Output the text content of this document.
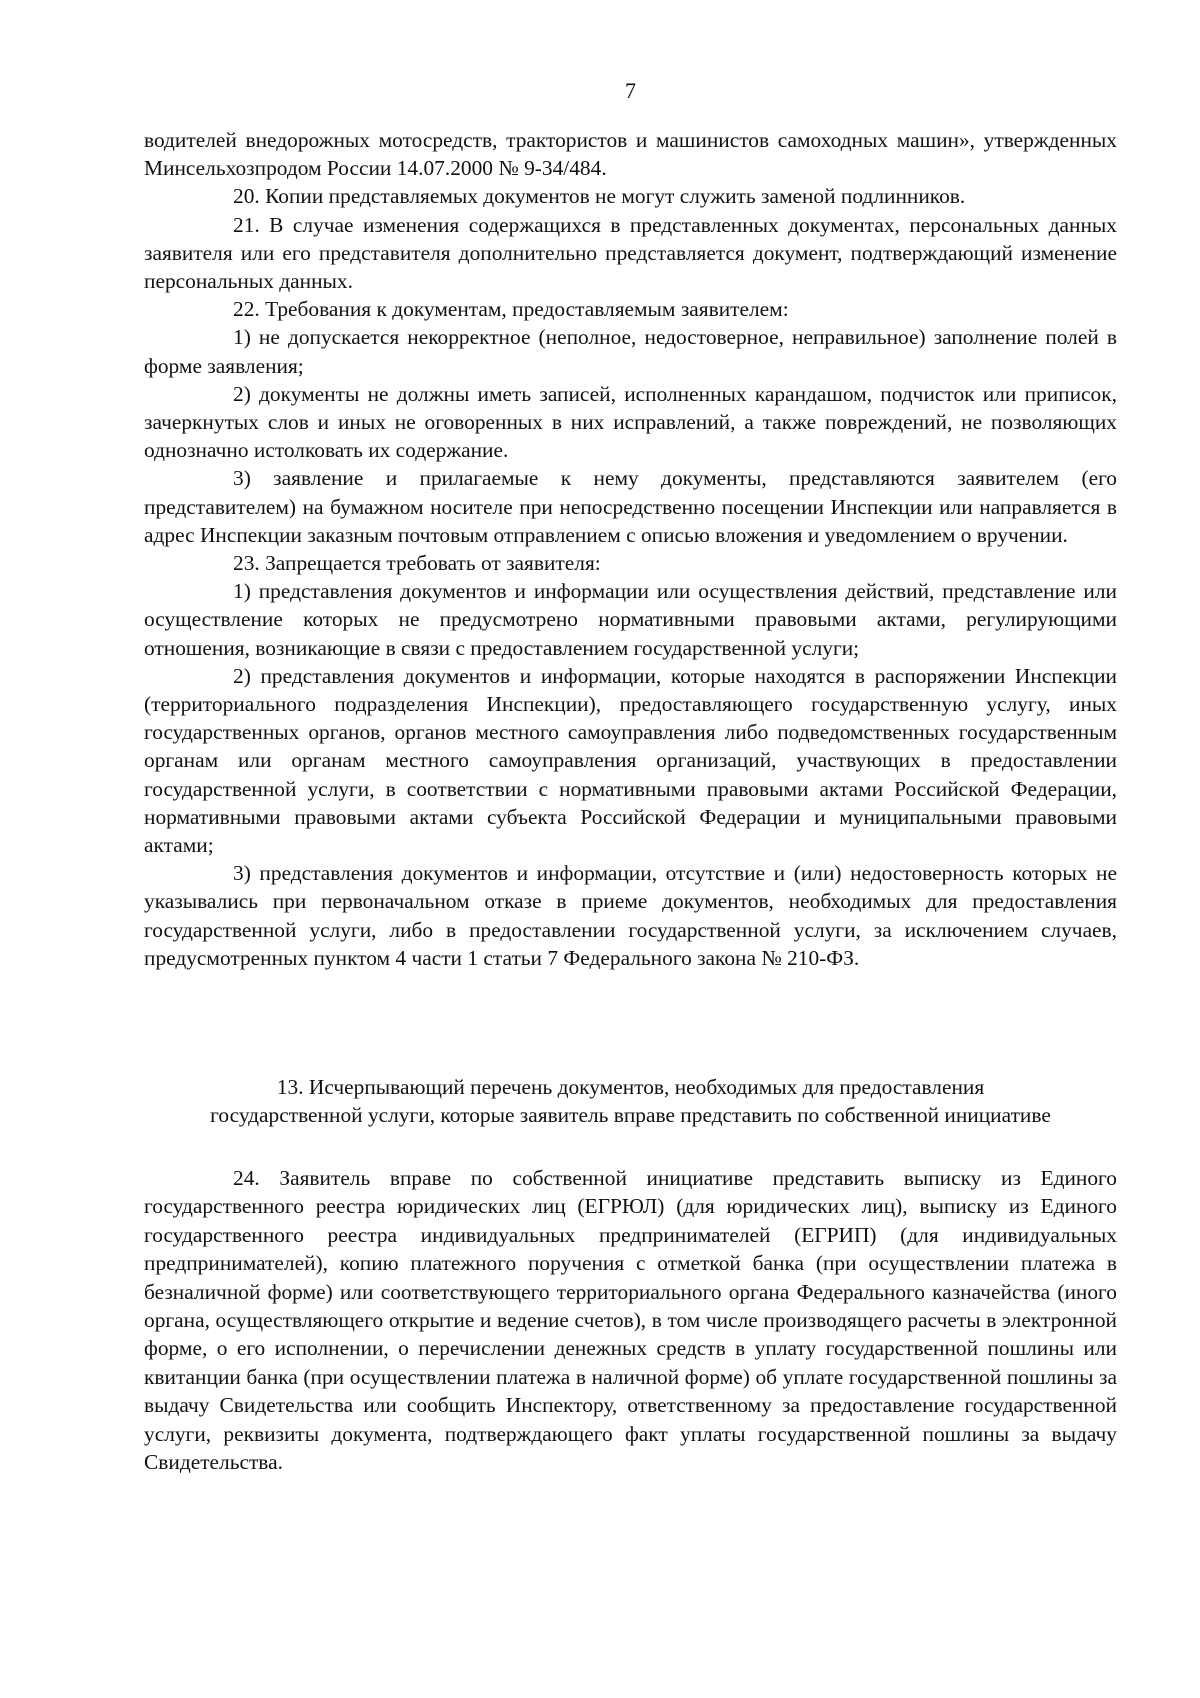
7

водителей внедорожных мотосредств, трактористов и машинистов самоходных машин», утвержденных Минсельхозпродом России 14.07.2000 № 9-34/484.

20. Копии представляемых документов не могут служить заменой подлинников.

21. В случае изменения содержащихся в представленных документах, персональных данных заявителя или его представителя дополнительно представляется документ, подтверждающий изменение персональных данных.

22. Требования к документам, предоставляемым заявителем:

1) не допускается некорректное (неполное, недостоверное, неправильное) заполнение полей в форме заявления;

2) документы не должны иметь записей, исполненных карандашом, подчисток или приписок, зачеркнутых слов и иных не оговоренных в них исправлений, а также повреждений, не позволяющих однозначно истолковать их содержание.

3) заявление и прилагаемые к нему документы, представляются заявителем (его представителем) на бумажном носителе при непосредственно посещении Инспекции или направляется в адрес Инспекции заказным почтовым отправлением с описью вложения и уведомлением о вручении.

23. Запрещается требовать от заявителя:

1) представления документов и информации или осуществления действий, представление или осуществление которых не предусмотрено нормативными правовыми актами, регулирующими отношения, возникающие в связи с предоставлением государственной услуги;

2) представления документов и информации, которые находятся в распоряжении Инспекции (территориального подразделения Инспекции), предоставляющего государственную услугу, иных государственных органов, органов местного самоуправления либо подведомственных государственным органам или органам местного самоуправления организаций, участвующих в предоставлении государственной услуги, в соответствии с нормативными правовыми актами Российской Федерации, нормативными правовыми актами субъекта Российской Федерации и муниципальными правовыми актами;

3) представления документов и информации, отсутствие и (или) недостоверность которых не указывались при первоначальном отказе в приеме документов, необходимых для предоставления государственной услуги, либо в предоставлении государственной услуги, за исключением случаев, предусмотренных пунктом 4 части 1 статьи 7 Федерального закона № 210-ФЗ.

13. Исчерпывающий перечень документов, необходимых для предоставления

государственной услуги, которые заявитель вправе представить по собственной инициативе

24. Заявитель вправе по собственной инициативе представить выписку из Единого государственного реестра юридических лиц (ЕГРЮЛ) (для юридических лиц), выписку из Единого государственного реестра индивидуальных предпринимателей (ЕГРИП) (для индивидуальных предпринимателей), копию платежного поручения с отметкой банка (при осуществлении платежа в безналичной форме) или соответствующего территориального органа Федерального казначейства (иного органа, осуществляющего открытие и ведение счетов), в том числе производящего расчеты в электронной форме, о его исполнении, о перечислении денежных средств в уплату государственной пошлины или квитанции банка (при осуществлении платежа в наличной форме) об уплате государственной пошлины за выдачу Свидетельства или сообщить Инспектору, ответственному за предоставление государственной услуги, реквизиты документа, подтверждающего факт уплаты государственной пошлины за выдачу Свидетельства.
